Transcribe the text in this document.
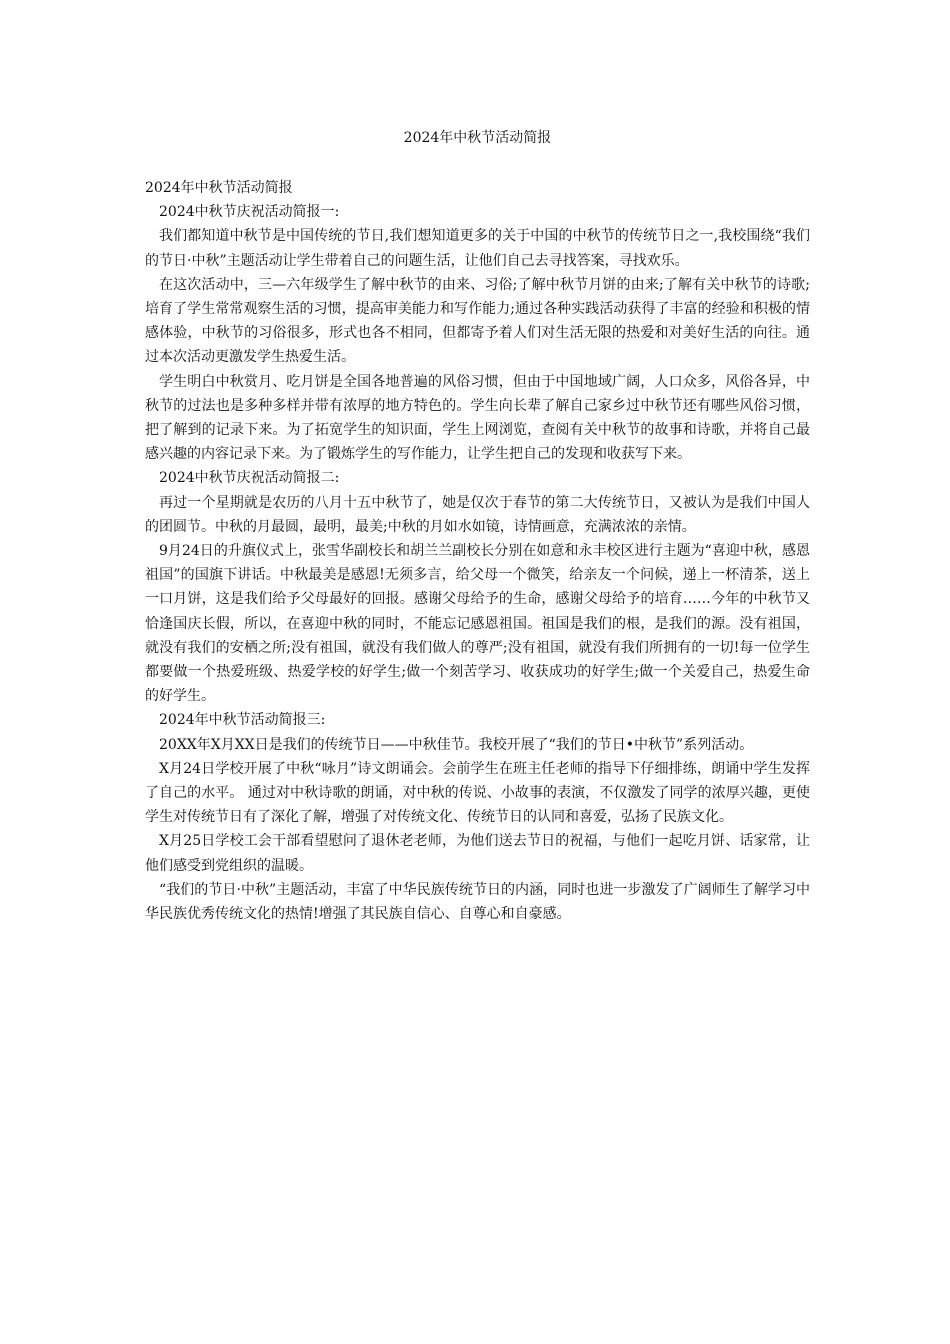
2024年中秋节活动简报

2024年中秋节活动简报

2024中秋节庆祝活动简报一:

我们都知道中秋节是中国传统的节日,我们想知道更多的关于中国的中秋节的传统节日之一,我校围绕“我们的节日·中秋”主题活动让学生带着自己的问题生活，让他们自己去寻找答案，寻找欢乐。

在这次活动中，三—六年级学生了解中秋节的由来、习俗;了解中秋节月饼的由来;了解有关中秋节的诗歌;培育了学生常常观察生活的习惯，提高审美能力和写作能力;通过各种实践活动获得了丰富的经验和积极的情感体验，中秋节的习俗很多，形式也各不相同，但都寄予着人们对生活无限的热爱和对美好生活的向往。通过本次活动更激发学生热爱生活。

学生明白中秋赏月、吃月饼是全国各地普遍的风俗习惯，但由于中国地域广阔，人口众多，风俗各异，中秋节的过法也是多种多样并带有浓厚的地方特色的。学生向长辈了解自己家乡过中秋节还有哪些风俗习惯，把了解到的记录下来。为了拓宽学生的知识面，学生上网浏览，查阅有关中秋节的故事和诗歌，并将自己最感兴趣的内容记录下来。为了锻炼学生的写作能力，让学生把自己的发现和收获写下来。

2024中秋节庆祝活动简报二:

再过一个星期就是农历的八月十五中秋节了，她是仅次于春节的第二大传统节日，又被认为是我们中国人的团圆节。中秋的月最圆，最明，最美;中秋的月如水如镜，诗情画意，充满浓浓的亲情。

9月24日的升旗仪式上，张雪华副校长和胡兰兰副校长分别在如意和永丰校区进行主题为“喜迎中秋，感恩祖国”的国旗下讲话。中秋最美是感恩!无须多言，给父母一个微笑，给亲友一个问候，递上一杯清茶，送上一口月饼，这是我们给予父母最好的回报。感谢父母给予的生命，感谢父母给予的培育……今年的中秋节又恰逢国庆长假，所以，在喜迎中秋的同时，不能忘记感恩祖国。祖国是我们的根，是我们的源。没有祖国，就没有我们的安栖之所;没有祖国，就没有我们做人的尊严;没有祖国，就没有我们所拥有的一切!每一位学生都要做一个热爱班级、热爱学校的好学生;做一个刻苦学习、收获成功的好学生;做一个关爱自己，热爱生命的好学生。

2024年中秋节活动简报三:

20XX年X月XX日是我们的传统节日——中秋佳节。我校开展了“我们的节日•中秋节”系列活动。

X月24日学校开展了中秋“咏月”诗文朗诵会。会前学生在班主任老师的指导下仔细排练，朗诵中学生发挥了自己的水平。 通过对中秋诗歌的朗诵，对中秋的传说、小故事的表演，不仅激发了同学的浓厚兴趣，更使学生对传统节日有了深化了解，增强了对传统文化、传统节日的认同和喜爱，弘扬了民族文化。

X月25日学校工会干部看望慰问了退休老老师，为他们送去节日的祝福，与他们一起吃月饼、话家常，让他们感受到党组织的温暖。

“我们的节日·中秋”主题活动，丰富了中华民族传统节日的内涵，同时也进一步激发了广阔师生了解学习中华民族优秀传统文化的热情!增强了其民族自信心、自尊心和自豪感。
